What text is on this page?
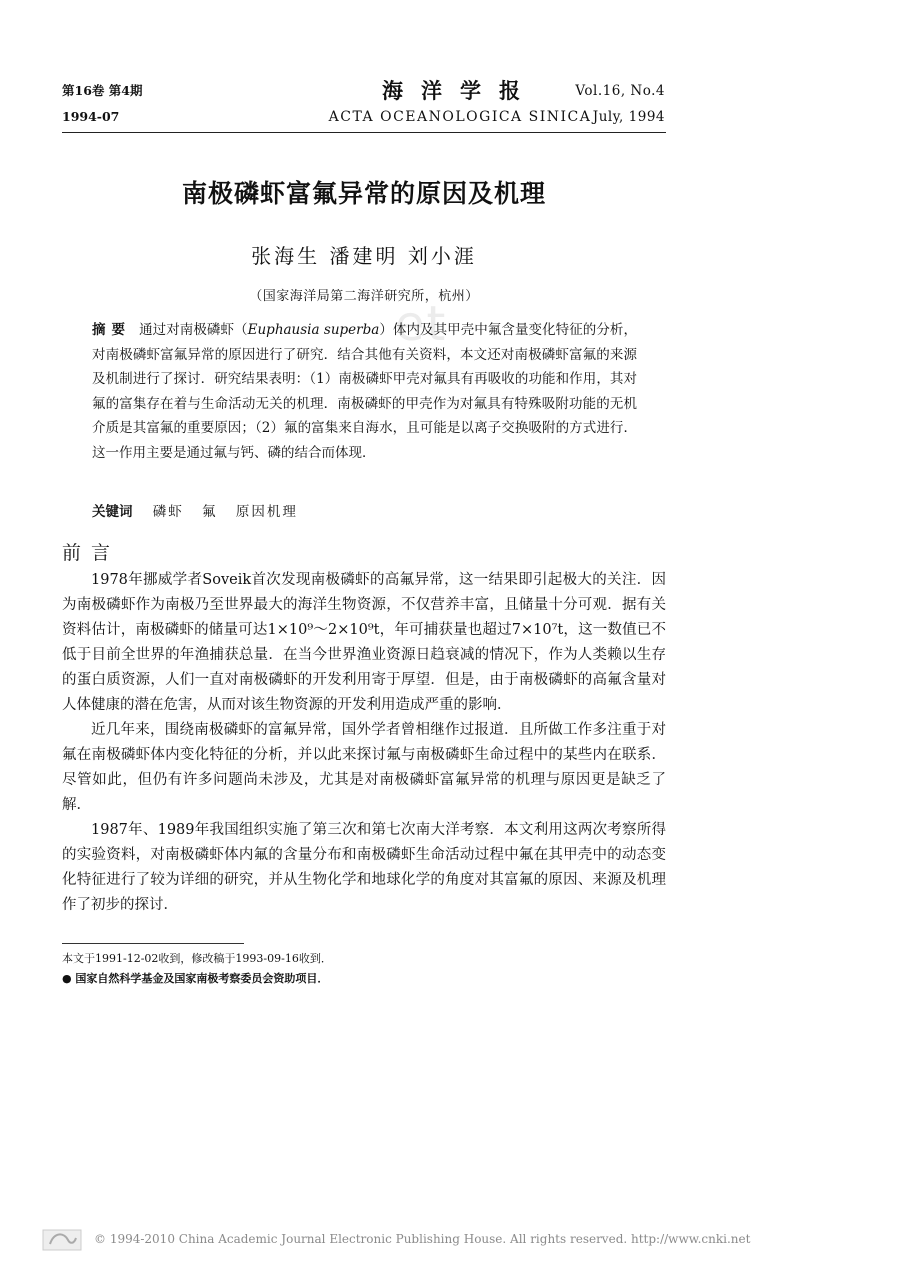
et
第16卷 第4期
1994-07
海洋学报
ACTA OCEANOLOGICA SINICA
Vol.16, No.4
July, 1994
南极磷虾富氟异常的原因及机理
张海生 潘建明 刘小涯
（国家海洋局第二海洋研究所，杭州）
摘要 通过对南极磷虾（Euphausia superba）体内及其甲壳中氟含量变化特征的分析，对南极磷虾富氟异常的原因进行了研究．结合其他有关资料，本文还对南极磷虾富氟的来源及机制进行了探讨．研究结果表明：（1）南极磷虾甲壳对氟具有再吸收的功能和作用，其对氟的富集存在着与生命活动无关的机理．南极磷虾的甲壳作为对氟具有特殊吸附功能的无机介质是其富氟的重要原因；（2）氟的富集来自海水，且可能是以离子交换吸附的方式进行．这一作用主要是通过氟与钙、磷的结合而体现．
关键词 磷虾 氟 原因机理
前言

1978年挪威学者Soveik首次发现南极磷虾的高氟异常，这一结果即引起极大的关注．因为南极磷虾作为南极乃至世界最大的海洋生物资源，不仅营养丰富，且储量十分可观．据有关资料估计，南极磷虾的储量可达1×10⁹～2×10⁹t，年可捕获量也超过7×10⁷t，这一数值已不低于目前全世界的年渔捕获总量．在当今世界渔业资源日趋衰减的情况下，作为人类赖以生存的蛋白质资源，人们一直对南极磷虾的开发利用寄于厚望．但是，由于南极磷虾的高氟含量对人体健康的潜在危害，从而对该生物资源的开发利用造成严重的影响．

近几年来，围绕南极磷虾的富氟异常，国外学者曾相继作过报道．且所做工作多注重于对氟在南极磷虾体内变化特征的分析，并以此来探讨氟与南极磷虾生命过程中的某些内在联系．尽管如此，但仍有许多问题尚未涉及，尤其是对南极磷虾富氟异常的机理与原因更是缺乏了解．

1987年、1989年我国组织实施了第三次和第七次南大洋考察．本文利用这两次考察所得的实验资料，对南极磷虾体内氟的含量分布和南极磷虾生命活动过程中氟在其甲壳中的动态变化特征进行了较为详细的研究，并从生物化学和地球化学的角度对其富氟的原因、来源及机理作了初步的探讨．

本文于1991-12-02收到，修改稿于1993-09-16收到．
● 国家自然科学基金及国家南极考察委员会资助项目．
© 1994-2010 China Academic Journal Electronic Publishing House. All rights reserved. http://www.cnki.net
